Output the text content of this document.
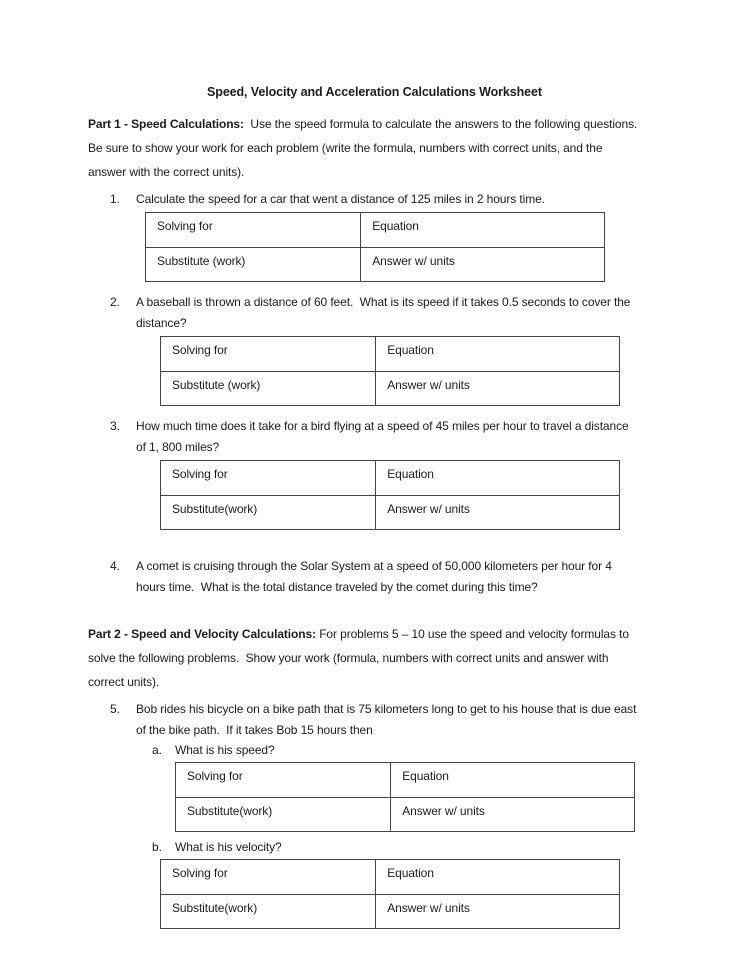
Speed, Velocity and Acceleration Calculations Worksheet
Part 1 - Speed Calculations:  Use the speed formula to calculate the answers to the following questions.
Be sure to show your work for each problem (write the formula, numbers with correct units, and the
answer with the correct units).
1.	Calculate the speed for a car that went a distance of 125 miles in 2 hours time.
Solving for	Equation
Substitute (work)	Answer w/ units
2.	A baseball is thrown a distance of 60 feet.  What is its speed if it takes 0.5 seconds to cover the
distance?
Solving for	Equation
Substitute (work)	Answer w/ units
3.	How much time does it take for a bird flying at a speed of 45 miles per hour to travel a distance
of 1, 800 miles?
Solving for	Equation
Substitute(work)	Answer w/ units
4.	A comet is cruising through the Solar System at a speed of 50,000 kilometers per hour for 4
hours time.  What is the total distance traveled by the comet during this time?
Part 2 - Speed and Velocity Calculations: For problems 5 – 10 use the speed and velocity formulas to
solve the following problems.  Show your work (formula, numbers with correct units and answer with
correct units).
5.	Bob rides his bicycle on a bike path that is 75 kilometers long to get to his house that is due east
of the bike path.  If it takes Bob 15 hours then
a.	What is his speed?
Solving for	Equation
Substitute(work)	Answer w/ units
b.	What is his velocity?
Solving for	Equation
Substitute(work)	Answer w/ units
